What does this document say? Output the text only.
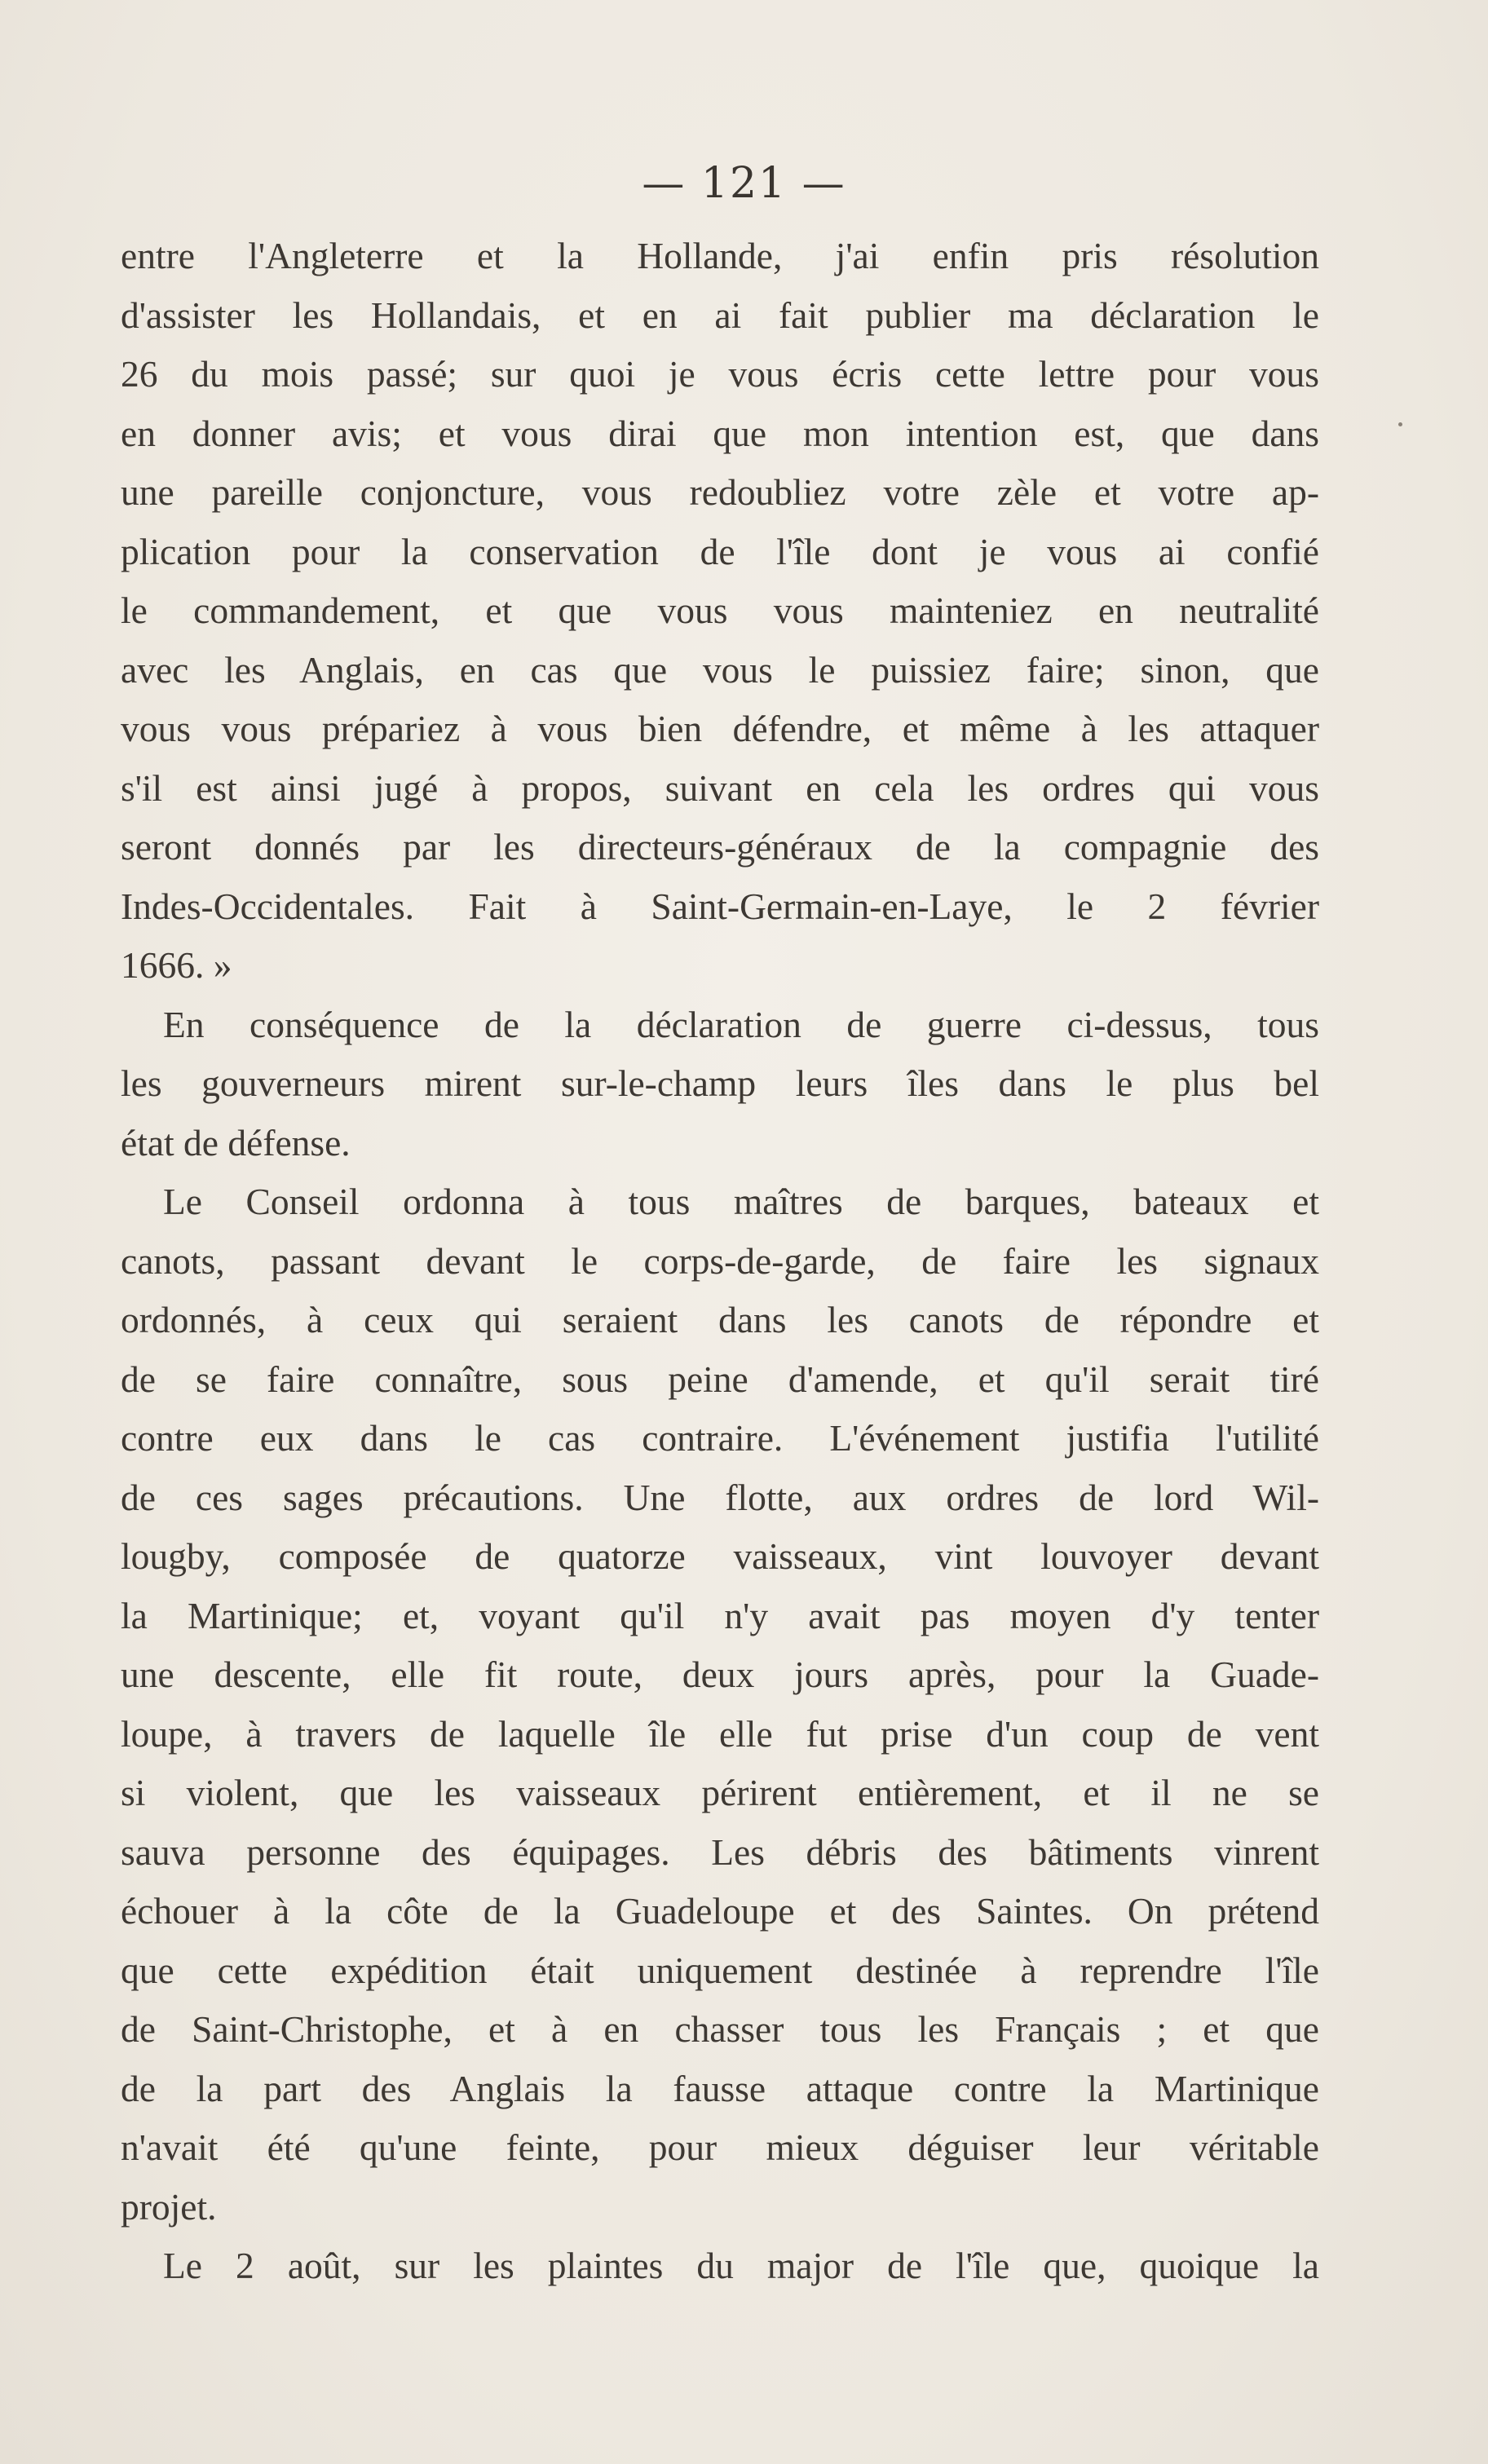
— 121 —
entre l'Angleterre et la Hollande, j'ai enfin pris résolution
d'assister les Hollandais, et en ai fait publier ma déclaration le
26 du mois passé; sur quoi je vous écris cette lettre pour vous
en donner avis; et vous dirai que mon intention est, que dans
une pareille conjoncture, vous redoubliez votre zèle et votre ap-
plication pour la conservation de l'île dont je vous ai confié
le commandement, et que vous vous mainteniez en neutralité
avec les Anglais, en cas que vous le puissiez faire; sinon, que
vous vous prépariez à vous bien défendre, et même à les attaquer
s'il est ainsi jugé à propos, suivant en cela les ordres qui vous
seront donnés par les directeurs-généraux de la compagnie des
Indes-Occidentales. Fait à Saint-Germain-en-Laye, le 2 février
1666. »
En conséquence de la déclaration de guerre ci-dessus, tous
les gouverneurs mirent sur-le-champ leurs îles dans le plus bel
état de défense.
Le Conseil ordonna à tous maîtres de barques, bateaux et
canots, passant devant le corps-de-garde, de faire les signaux
ordonnés, à ceux qui seraient dans les canots de répondre et
de se faire connaître, sous peine d'amende, et qu'il serait tiré
contre eux dans le cas contraire. L'événement justifia l'utilité
de ces sages précautions. Une flotte, aux ordres de lord Wil-
lougby, composée de quatorze vaisseaux, vint louvoyer devant
la Martinique; et, voyant qu'il n'y avait pas moyen d'y tenter
une descente, elle fit route, deux jours après, pour la Guade-
loupe, à travers de laquelle île elle fut prise d'un coup de vent
si violent, que les vaisseaux périrent entièrement, et il ne se
sauva personne des équipages. Les débris des bâtiments vinrent
échouer à la côte de la Guadeloupe et des Saintes. On prétend
que cette expédition était uniquement destinée à reprendre l'île
de Saint-Christophe, et à en chasser tous les Français ; et que
de la part des Anglais la fausse attaque contre la Martinique
n'avait été qu'une feinte, pour mieux déguiser leur véritable
projet.
Le 2 août, sur les plaintes du major de l'île que, quoique la
